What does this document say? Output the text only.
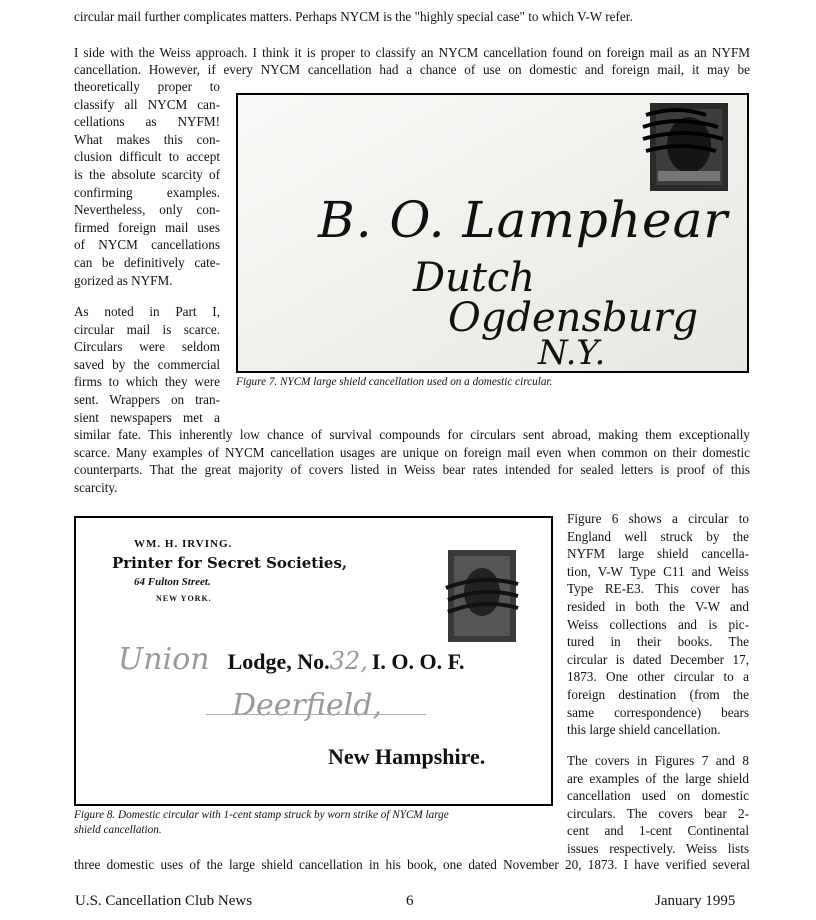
circular mail further complicates matters. Perhaps NYCM is the "highly special case" to which V-W refer.
I side with the Weiss approach. I think it is proper to classify an NYCM cancellation found on foreign mail as an NYFM
cancellation. However, if every NYCM cancellation had a chance of use on domestic and foreign mail, it may be
theoretically proper to
classify all NYCM can-
cellations as NYFM!
What makes this con-
clusion difficult to accept
is the absolute scarcity of
confirming examples.
Nevertheless, only con-
firmed foreign mail uses
of NYCM cancellations
can be definitively cate-
gorized as NYFM.
As noted in Part I,
circular mail is scarce.
Circulars were seldom
saved by the commercial
firms to which they were
sent. Wrappers on tran-
sient newspapers met a
B. O. Lamphear
Dutch
Ogdensburg
N.Y.
Figure 7. NYCM large shield cancellation used on a domestic circular.
similar fate. This inherently low chance of survival compounds for circulars sent abroad, making them exceptionally
scarce. Many examples of NYCM cancellation usages are unique on foreign mail even when common on their domestic
counterparts. That the great majority of covers listed in Weiss bear rates intended for sealed letters is proof of this
scarcity.
WM. H. IRVING.
Printer for Secret Societies,
64 Fulton Street.
NEW YORK.
Union Lodge, No.32, I. O. O. F.
Deerfield,
New Hampshire.
Figure 8. Domestic circular with 1-cent stamp struck by worn strike of NYCM large
shield cancellation.
Figure 6 shows a circular to
England well struck by the
NYFM large shield cancella-
tion, V-W Type C11 and Weiss
Type RE-E3. This cover has
resided in both the V-W and
Weiss collections and is pic-
tured in their books. The
circular is dated December 17,
1873. One other circular to a
foreign destination (from the
same correspondence) bears
this large shield cancellation.
The covers in Figures 7 and 8
are examples of the large shield
cancellation used on domestic
circulars. The covers bear 2-
cent and 1-cent Continental
issues respectively. Weiss lists
three domestic uses of the large shield cancellation in his book, one dated November 20, 1873. I have verified several
U.S. Cancellation Club News	6	January 1995
